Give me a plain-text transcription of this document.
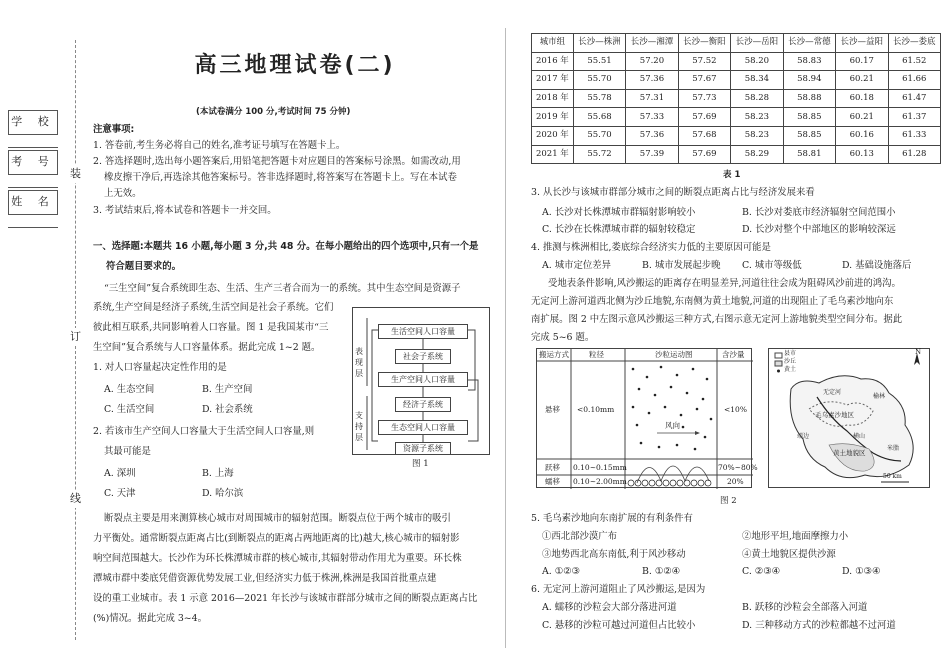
学 校
考 号
姓 名
装
订
线
高三地理试卷(二)
(本试卷满分 100 分,考试时间 75 分钟)
注意事项:
1. 答卷前,考生务必将自己的姓名,准考证号填写在答题卡上。
2. 答选择题时,选出每小题答案后,用铅笔把答题卡对应题目的答案标号涂黑。如需改动,用
橡皮擦干净后,再选涂其他答案标号。答非选择题时,将答案写在答题卡上。写在本试卷
上无效。
3. 考试结束后,将本试卷和答题卡一并交回。
一、选择题:本题共 16 小题,每小题 3 分,共 48 分。在每小题给出的四个选项中,只有一个是
符合题目要求的。
“三生空间”复合系统即生态、生活、生产三者合而为一的系统。其中生态空间是资源子
系统,生产空间是经济子系统,生活空间是社会子系统。它们
彼此相互联系,共同影响着人口容量。图 1 是我国某市“三
生空间”复合系统与人口容量体系。据此完成 1~2 题。
1. 对人口容量起决定性作用的是
A. 生态空间	B. 生产空间
C. 生活空间	D. 社会系统
2. 若该市生产空间人口容量大于生活空间人口容量,则
其最可能是
A. 深圳	B. 上海
C. 天津	D. 哈尔滨
生活空间人口容量
社会子系统
生产空间人口容量
经济子系统
生态空间人口容量
资源子系统
表现层
支持层
图 1
断裂点主要是用来测算核心城市对周围城市的辐射范围。断裂点位于两个城市的吸引
力平衡处。通常断裂点距离占比(到断裂点的距离占两地距离的比)越大,核心城市的辐射影
响空间范围越大。长沙作为环长株潭城市群的核心城市,其辐射带动作用尤为重要。环长株
潭城市群中娄底凭借资源优势发展工业,但经济实力低于株洲,株洲是我国首批重点建
设的重工业城市。表 1 示意 2016—2021 年长沙与该城市群部分城市之间的断裂点距离占比
(%)情况。据此完成 3~4。
城市组	长沙—株洲	长沙—湘潭	长沙—衡阳	长沙—岳阳	长沙—常德	长沙—益阳	长沙—娄底
2016 年	55.51	57.20	57.52	58.20	58.83	60.17	61.52
2017 年	55.70	57.36	57.67	58.34	58.94	60.21	61.66
2018 年	55.78	57.31	57.73	58.28	58.88	60.18	61.47
2019 年	55.68	57.33	57.69	58.23	58.85	60.21	61.37
2020 年	55.70	57.36	57.68	58.23	58.85	60.16	61.33
2021 年	55.72	57.39	57.69	58.29	58.81	60.13	61.28
表 1
3. 从长沙与该城市群部分城市之间的断裂点距离占比与经济发展来看
A. 长沙对长株潭城市群辐射影响较小	B. 长沙对娄底市经济辐射空间范围小
C. 长沙在长株潭城市群的辐射较稳定	D. 长沙对整个中部地区的影响较深远
4. 推测与株洲相比,娄底综合经济实力低的主要原因可能是
A. 城市定位差异	B. 城市发展起步晚 C. 城市等级低	D. 基础设施落后
受地表条件影响,风沙搬运的距离存在明显差异,河道往往会成为阻碍风沙前进的鸿沟。
无定河上游河道西北侧为沙丘地貌,东南侧为黄土地貌,河道的出现阻止了毛乌素沙地向东
南扩展。图 2 中左图示意风沙搬运三种方式,右图示意无定河上游地貌类型空间分布。据此
完成 5~6 题。
搬运方式	粒径	沙粒运动图	含沙量
悬移 <0.10mm	<10%
跃移 0.10~0.15mm	70%~80%
蠕移 0.10~2.00mm	20%
风向
N
县市
沙丘
黄土
毛乌素沙地区
黄土地貌区
靖边	横山
榆林
米脂
无定河
50 km
图 2
5. 毛乌素沙地向东南扩展的有利条件有
①西北部沙漠广布	②地形平坦,地面摩擦力小
③地势西北高东南低,利于风沙移动	④黄土地貌区提供沙源
A. ①②③	B. ①②④	C. ②③④	D. ①③④
6. 无定河上游河道阻止了风沙搬运,是因为
A. 蠕移的沙粒会大部分落进河道	B. 跃移的沙粒会全部落入河道
C. 悬移的沙粒可越过河道但占比较小	D. 三种移动方式的沙粒都越不过河道
